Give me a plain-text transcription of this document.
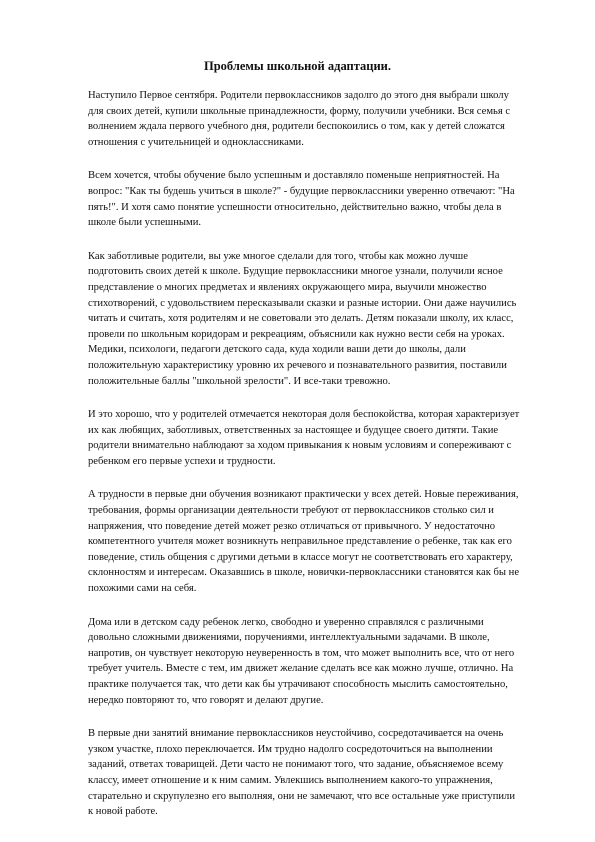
Проблемы школьной адаптации.

Наступило Первое сентября. Родители первоклассников задолго до этого дня выбрали школу для своих детей, купили школьные принадлежности, форму, получили учебники. Вся семья с волнением ждала первого учебного дня, родители беспокоились о том, как у детей сложатся отношения с учительницей и одноклассниками.

Всем хочется, чтобы обучение было успешным и доставляло поменьше неприятностей. На вопрос: "Как ты будешь учиться в школе?" - будущие первоклассники уверенно отвечают: "На пять!". И хотя само понятие успешности относительно, действительно важно, чтобы дела в школе были успешными.

Как заботливые родители, вы уже многое сделали для того, чтобы как можно лучше подготовить своих детей к школе. Будущие первоклассники многое узнали, получили ясное представление о многих предметах и явлениях окружающего мира, выучили множество стихотворений, с удовольствием пересказывали сказки и разные истории. Они даже научились читать и считать, хотя родителям и не советовали это делать. Детям показали школу, их класс, провели по школьным коридорам и рекреациям, объяснили как нужно вести себя на уроках. Медики, психологи, педагоги детского сада, куда ходили ваши дети до школы, дали положительную характеристику уровню их речевого и познавательного развития, поставили положительные баллы "школьной зрелости". И все-таки тревожно.

И это хорошо, что у родителей отмечается некоторая доля беспокойства, которая характеризует их как любящих, заботливых, ответственных за настоящее и будущее своего дитяти. Такие родители внимательно наблюдают за ходом привыкания к новым условиям и сопереживают с ребенком его первые успехи и трудности.

А трудности в первые дни обучения возникают практически у всех детей. Новые переживания, требования, формы организации деятельности требуют от первоклассников столько сил и напряжения, что поведение детей может резко отличаться от привычного. У недостаточно компетентного учителя может возникнуть неправильное представление о ребенке, так как его поведение, стиль общения с другими детьми в классе могут не соответствовать его характеру, склонностям и интересам. Оказавшись в школе, новички-первоклассники становятся как бы не похожими сами на себя.

Дома или в детском саду ребенок легко, свободно и уверенно справлялся с различными довольно сложными движениями, поручениями, интеллектуальными задачами. В школе, напротив, он чувствует некоторую неуверенность в том, что может выполнить все, что от него требует учитель. Вместе с тем, им движет желание сделать все как можно лучше, отлично. На практике получается так, что дети как бы утрачивают способность мыслить самостоятельно, нередко повторяют то, что говорят и делают другие.

В первые дни занятий внимание первоклассников неустойчиво, сосредотачивается на очень узком участке, плохо переключается. Им трудно надолго сосредоточиться на выполнении заданий, ответах товарищей. Дети часто не понимают того, что задание, объясняемое всему классу, имеет отношение и к ним самим. Увлекшись выполнением какого-то упражнения, старательно и скрупулезно его выполняя, они не замечают, что все остальные уже приступили к новой работе.
